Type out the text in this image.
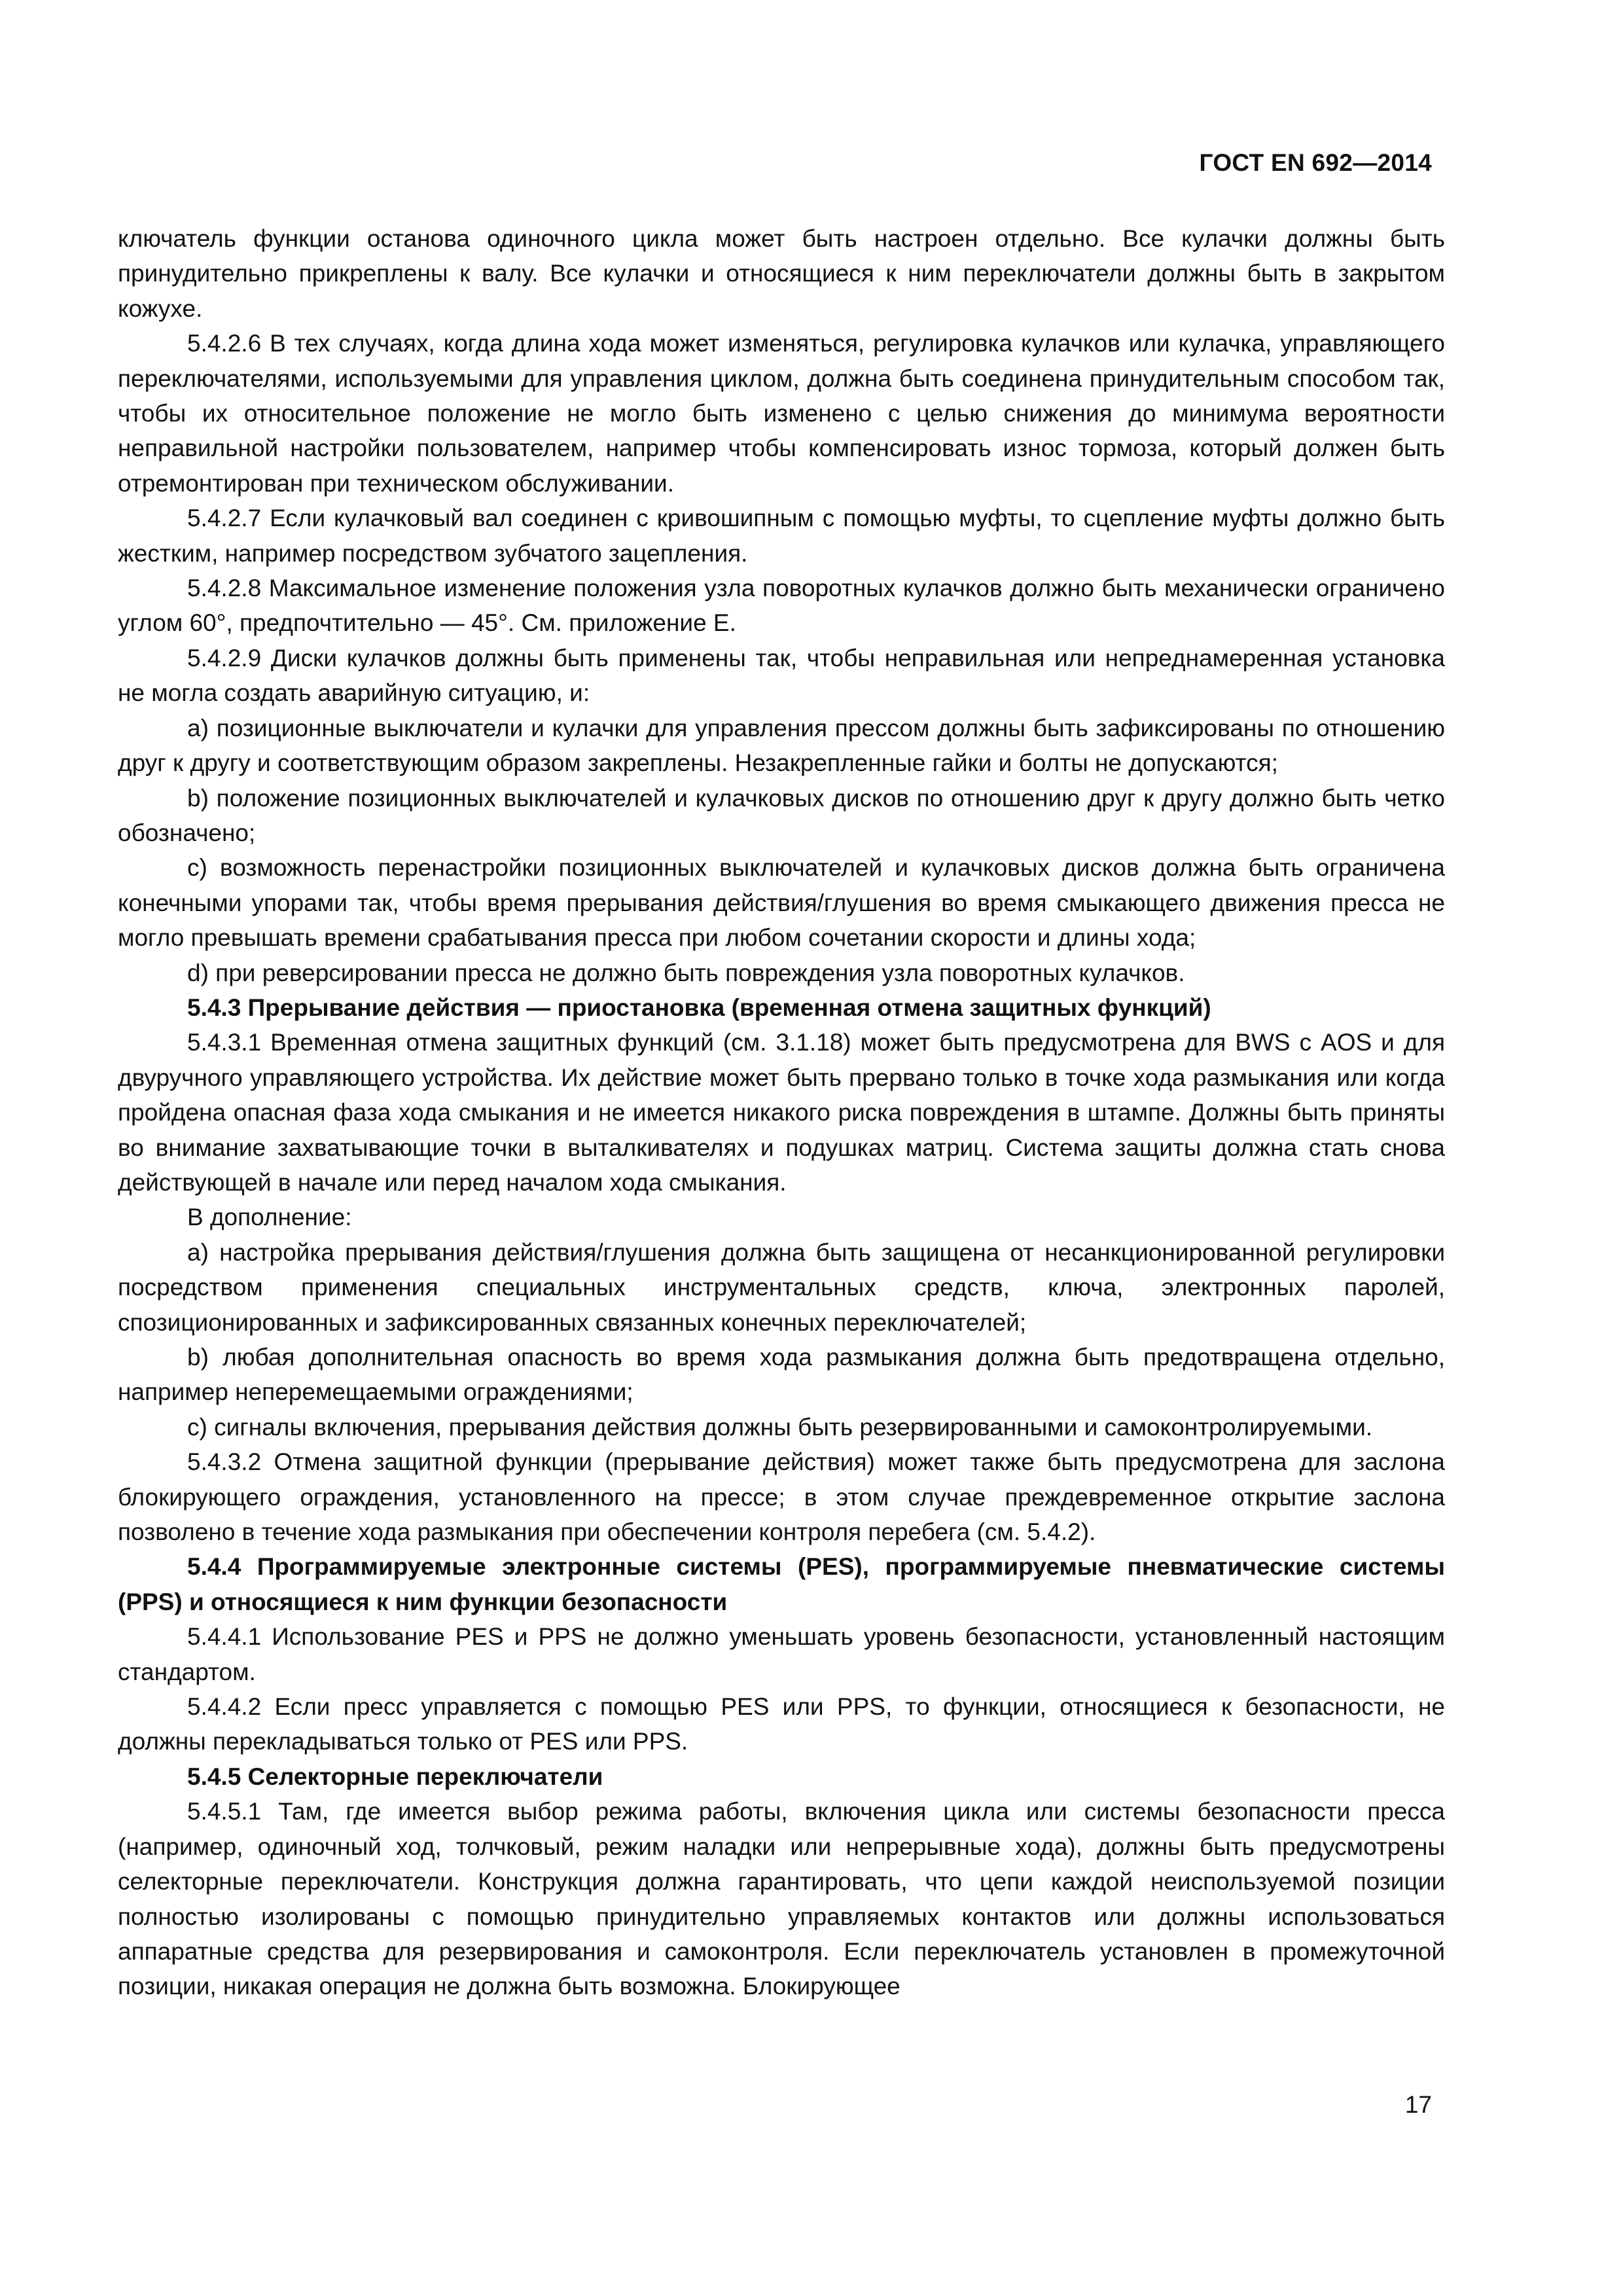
ГОСТ EN 692—2014

ключатель функции останова одиночного цикла может быть настроен отдельно. Все кулачки должны быть принудительно прикреплены к валу. Все кулачки и относящиеся к ним переключатели должны быть в закрытом кожухе.

5.4.2.6 В тех случаях, когда длина хода может изменяться, регулировка кулачков или кулачка, управляющего переключателями, используемыми для управления циклом, должна быть соединена принудительным способом так, чтобы их относительное положение не могло быть изменено с целью снижения до минимума вероятности неправильной настройки пользователем, например чтобы компенсировать износ тормоза, который должен быть отремонтирован при техническом обслуживании.

5.4.2.7 Если кулачковый вал соединен с кривошипным с помощью муфты, то сцепление муфты должно быть жестким, например посредством зубчатого зацепления.

5.4.2.8 Максимальное изменение положения узла поворотных кулачков должно быть механически ограничено углом 60°, предпочтительно — 45°. См. приложение Е.

5.4.2.9 Диски кулачков должны быть применены так, чтобы неправильная или непреднамеренная установка не могла создать аварийную ситуацию, и:

а) позиционные выключатели и кулачки для управления прессом должны быть зафиксированы по отношению друг к другу и соответствующим образом закреплены. Незакрепленные гайки и болты не допускаются;

b) положение позиционных выключателей и кулачковых дисков по отношению друг к другу должно быть четко обозначено;

c) возможность перенастройки позиционных выключателей и кулачковых дисков должна быть ограничена конечными упорами так, чтобы время прерывания действия/глушения во время смыкающего движения пресса не могло превышать времени срабатывания пресса при любом сочетании скорости и длины хода;

d) при реверсировании пресса не должно быть повреждения узла поворотных кулачков.

5.4.3 Прерывание действия — приостановка (временная отмена защитных функций)

5.4.3.1 Временная отмена защитных функций (см. 3.1.18) может быть предусмотрена для BWS с AOS и для двуручного управляющего устройства. Их действие может быть прервано только в точке хода размыкания или когда пройдена опасная фаза хода смыкания и не имеется никакого риска повреждения в штампе. Должны быть приняты во внимание захватывающие точки в выталкивателях и подушках матриц. Система защиты должна стать снова действующей в начале или перед началом хода смыкания.

В дополнение:

а) настройка прерывания действия/глушения должна быть защищена от несанкционированной регулировки посредством применения специальных инструментальных средств, ключа, электронных паролей, спозиционированных и зафиксированных связанных конечных переключателей;

b) любая дополнительная опасность во время хода размыкания должна быть предотвращена отдельно, например неперемещаемыми ограждениями;

с) сигналы включения, прерывания действия должны быть резервированными и самоконтролируемыми.

5.4.3.2 Отмена защитной функции (прерывание действия) может также быть предусмотрена для заслона блокирующего ограждения, установленного на прессе; в этом случае преждевременное открытие заслона позволено в течение хода размыкания при обеспечении контроля перебега (см. 5.4.2).

5.4.4 Программируемые электронные системы (PES), программируемые пневматические системы (PPS) и относящиеся к ним функции безопасности

5.4.4.1 Использование PES и PPS не должно уменьшать уровень безопасности, установленный настоящим стандартом.

5.4.4.2 Если пресс управляется с помощью PES или PPS, то функции, относящиеся к безопасности, не должны перекладываться только от PES или PPS.

5.4.5 Селекторные переключатели

5.4.5.1 Там, где имеется выбор режима работы, включения цикла или системы безопасности пресса (например, одиночный ход, толчковый, режим наладки или непрерывные хода), должны быть предусмотрены селекторные переключатели. Конструкция должна гарантировать, что цепи каждой неиспользуемой позиции полностью изолированы с помощью принудительно управляемых контактов или должны использоваться аппаратные средства для резервирования и самоконтроля. Если переключатель установлен в промежуточной позиции, никакая операция не должна быть возможна. Блокирующее

17
